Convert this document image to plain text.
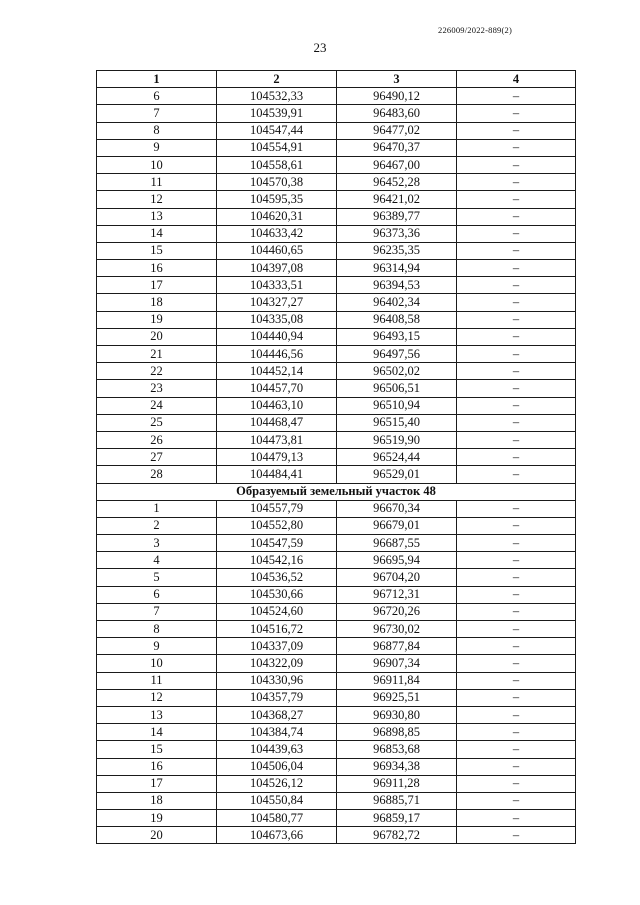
226009/2022-889(2)
23
1	2	3	4
6	104532,33	96490,12	–
7	104539,91	96483,60	–
8	104547,44	96477,02	–
9	104554,91	96470,37	–
10	104558,61	96467,00	–
11	104570,38	96452,28	–
12	104595,35	96421,02	–
13	104620,31	96389,77	–
14	104633,42	96373,36	–
15	104460,65	96235,35	–
16	104397,08	96314,94	–
17	104333,51	96394,53	–
18	104327,27	96402,34	–
19	104335,08	96408,58	–
20	104440,94	96493,15	–
21	104446,56	96497,56	–
22	104452,14	96502,02	–
23	104457,70	96506,51	–
24	104463,10	96510,94	–
25	104468,47	96515,40	–
26	104473,81	96519,90	–
27	104479,13	96524,44	–
28	104484,41	96529,01	–
Образуемый земельный участок 48			
1	104557,79	96670,34	–
2	104552,80	96679,01	–
3	104547,59	96687,55	–
4	104542,16	96695,94	–
5	104536,52	96704,20	–
6	104530,66	96712,31	–
7	104524,60	96720,26	–
8	104516,72	96730,02	–
9	104337,09	96877,84	–
10	104322,09	96907,34	–
11	104330,96	96911,84	–
12	104357,79	96925,51	–
13	104368,27	96930,80	–
14	104384,74	96898,85	–
15	104439,63	96853,68	–
16	104506,04	96934,38	–
17	104526,12	96911,28	–
18	104550,84	96885,71	–
19	104580,77	96859,17	–
20	104673,66	96782,72	–
